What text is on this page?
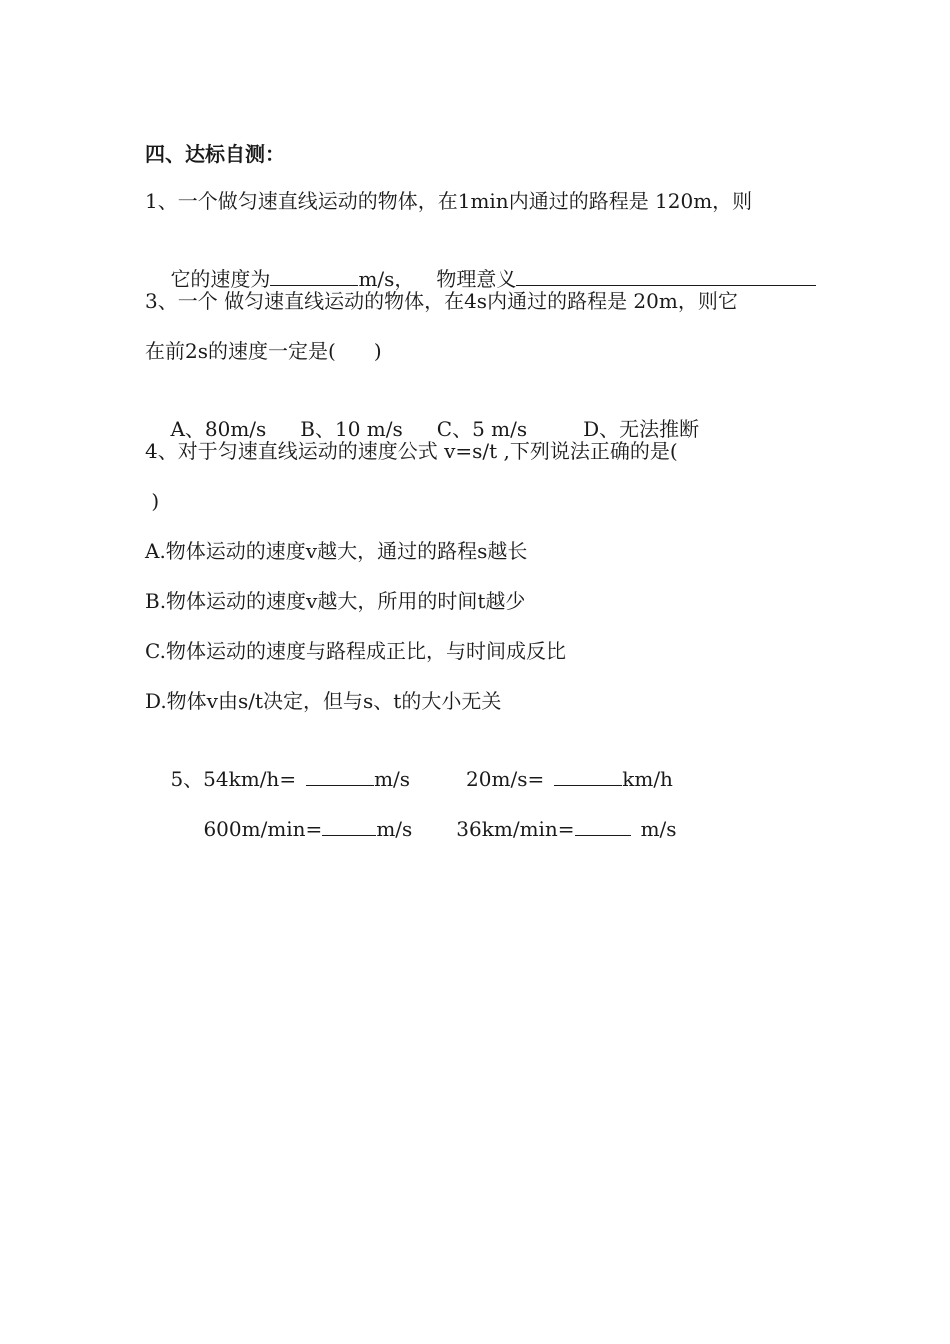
四、达标自测：
1、一个做匀速直线运动的物体，在1min内通过的路程是 120m，则

它的速度为	m/s， 物理意义

3、一个 做匀速直线运动的物体，在4s内通过的路程是 20m，则它
在前2s的速度一定是(      )

A、80m/s B、10 m/s C、5 m/s	D、无法推断

4、对于匀速直线运动的速度公式 v=s/t ,下列说法正确的是(
)
A.物体运动的速度v越大，通过的路程s越长
B.物体运动的速度v越大，所用的时间t越少
C.物体运动的速度与路程成正比，与时间成反比
D.物体v由s/t决定，但与s、t的大小无关

5、54km/h=	m/s	20m/s=	km/h

600m/min=	m/s 36km/min=	m/s
